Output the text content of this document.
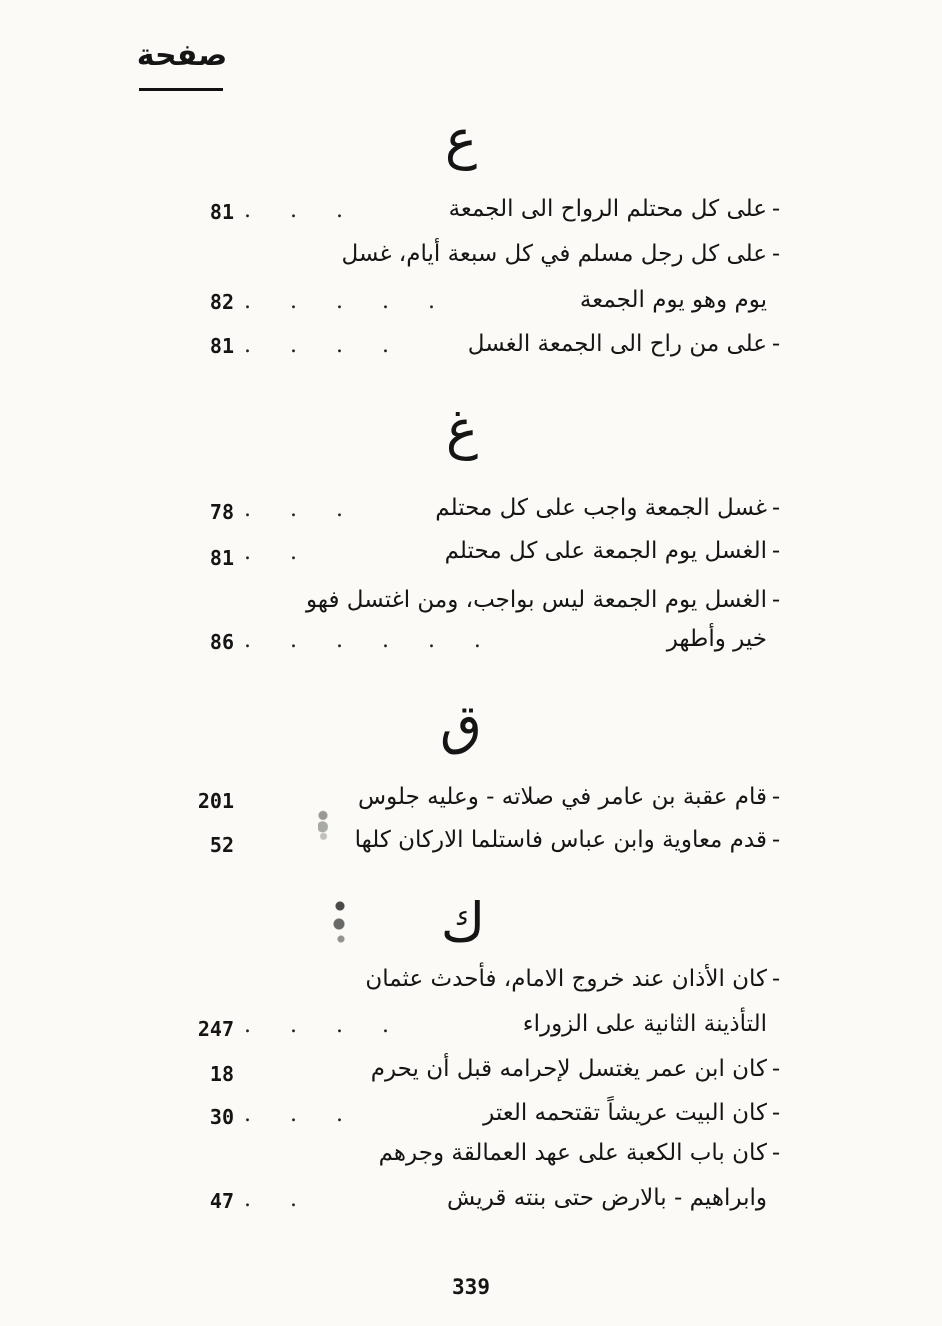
صفحة
ع
-على كل محتلم الرواح الى الجمعة
. . .
81
-على كل رجل مسلم في كل سبعة أيام، غسل
يوم وهو يوم الجمعة
. . . . .
82
-على من راح الى الجمعة الغسل
. . . .
81
غ
-غسل الجمعة واجب على كل محتلم
. . .
78
-الغسل يوم الجمعة على كل محتلم
. .
81
-الغسل يوم الجمعة ليس بواجب، ومن اغتسل فهو
خير وأطهر
. . . . . .
86
ق
-قام عقبة بن عامر في صلاته - وعليه جلوس
201
-قدم معاوية وابن عباس فاستلما الاركان كلها
52
ك
-كان الأذان عند خروج الامام، فأحدث عثمان
التأذينة الثانية على الزوراء
. . . .
247
-كان ابن عمر يغتسل لإحرامه قبل أن يحرم
18
-كان البيت عريشاً تقتحمه العتر
. . .
30
-كان باب الكعبة على عهد العمالقة وجرهم
وابراهيم - بالارض حتى بنته قريش
. .
47
339
